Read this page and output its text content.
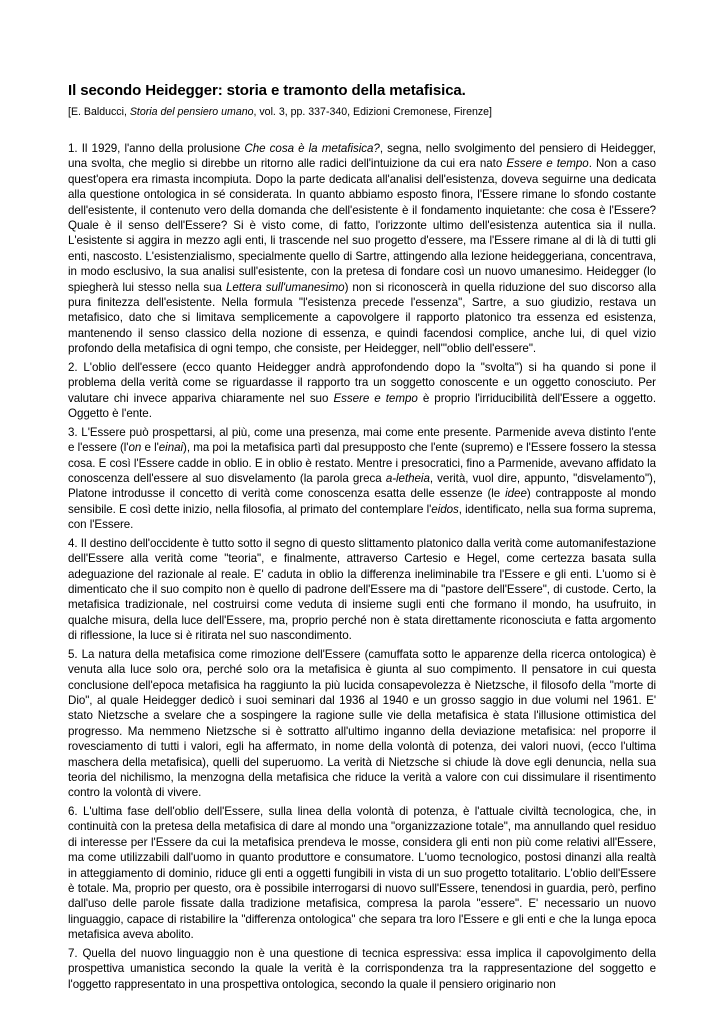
Il secondo Heidegger: storia e tramonto della metafisica.
[E. Balducci, Storia del pensiero umano, vol. 3, pp. 337-340, Edizioni Cremonese, Firenze]

1. Il 1929, l'anno della prolusione Che cosa è la metafisica?, segna, nello svolgimento del pensiero di Heidegger, una svolta, che meglio si direbbe un ritorno alle radici dell'intuizione da cui era nato Essere e tempo. Non a caso quest'opera era rimasta incompiuta. Dopo la parte dedicata all'analisi dell'esistenza, doveva seguirne una dedicata alla questione ontologica in sé considerata. In quanto abbiamo esposto finora, l'Essere rimane lo sfondo costante dell'esistente, il contenuto vero della domanda che dell'esistente è il fondamento inquietante: che cosa è l'Essere? Quale è il senso dell'Essere? Si è visto come, di fatto, l'orizzonte ultimo dell'esistenza autentica sia il nulla. L'esistente si aggira in mezzo agli enti, li trascende nel suo progetto d'essere, ma l'Essere rimane al di là di tutti gli enti, nascosto. L'esistenzialismo, specialmente quello di Sartre, attingendo alla lezione heideggeriana, concentrava, in modo esclusivo, la sua analisi sull'esistente, con la pretesa di fondare così un nuovo umanesimo. Heidegger (lo spiegherà lui stesso nella sua Lettera sull'umanesimo) non si riconoscerà in quella riduzione del suo discorso alla pura finitezza dell'esistente. Nella formula "l'esistenza precede l'essenza", Sartre, a suo giudizio, restava un metafisico, dato che si limitava semplicemente a capovolgere il rapporto platonico tra essenza ed esistenza, mantenendo il senso classico della nozione di essenza, e quindi facendosi complice, anche lui, di quel vizio profondo della metafisica di ogni tempo, che consiste, per Heidegger, nell'"oblio dell'essere".

2. L'oblio dell'essere (ecco quanto Heidegger andrà approfondendo dopo la "svolta") si ha quando si pone il problema della verità come se riguardasse il rapporto tra un soggetto conoscente e un oggetto conosciuto. Per valutare chi invece appariva chiaramente nel suo Essere e tempo è proprio l'irriducibilità dell'Essere a oggetto. Oggetto è l'ente.

3. L'Essere può prospettarsi, al più, come una presenza, mai come ente presente. Parmenide aveva distinto l'ente e l'essere (l'on e l'einai), ma poi la metafisica partì dal presupposto che l'ente (supremo) e l'Essere fossero la stessa cosa. E così l'Essere cadde in oblio. E in oblio è restato. Mentre i presocratici, fino a Parmenide, avevano affidato la conoscenza dell'essere al suo disvelamento (la parola greca a-letheia, verità, vuol dire, appunto, "disvelamento"), Platone introdusse il concetto di verità come conoscenza esatta delle essenze (le idee) contrapposte al mondo sensibile. E così dette inizio, nella filosofia, al primato del contemplare l'eidos, identificato, nella sua forma suprema, con l'Essere.

4. Il destino dell'occidente è tutto sotto il segno di questo slittamento platonico dalla verità come automanifestazione dell'Essere alla verità come "teoria", e finalmente, attraverso Cartesio e Hegel, come certezza basata sulla adeguazione del razionale al reale. E' caduta in oblio la differenza ineliminabile tra l'Essere e gli enti. L'uomo si è dimenticato che il suo compito non è quello di padrone dell'Essere ma di "pastore dell'Essere", di custode. Certo, la metafisica tradizionale, nel costruirsi come veduta di insieme sugli enti che formano il mondo, ha usufruito, in qualche misura, della luce dell'Essere, ma, proprio perché non è stata direttamente riconosciuta e fatta argomento di riflessione, la luce si è ritirata nel suo nascondimento.

5. La natura della metafisica come rimozione dell'Essere (camuffata sotto le apparenze della ricerca ontologica) è venuta alla luce solo ora, perché solo ora la metafisica è giunta al suo compimento. Il pensatore in cui questa conclusione dell'epoca metafisica ha raggiunto la più lucida consapevolezza è Nietzsche, il filosofo della "morte di Dio", al quale Heidegger dedicò i suoi seminari dal 1936 al 1940 e un grosso saggio in due volumi nel 1961. E' stato Nietzsche a svelare che a sospingere la ragione sulle vie della metafisica è stata l'illusione ottimistica del progresso. Ma nemmeno Nietzsche si è sottratto all'ultimo inganno della deviazione metafisica: nel proporre il rovesciamento di tutti i valori, egli ha affermato, in nome della volontà di potenza, dei valori nuovi, (ecco l'ultima maschera della metafisica), quelli del superuomo. La verità di Nietzsche si chiude là dove egli denuncia, nella sua teoria del nichilismo, la menzogna della metafisica che riduce la verità a valore con cui dissimulare il risentimento contro la volontà di vivere.

6. L'ultima fase dell'oblio dell'Essere, sulla linea della volontà di potenza, è l'attuale civiltà tecnologica, che, in continuità con la pretesa della metafisica di dare al mondo una "organizzazione totale", ma annullando quel residuo di interesse per l'Essere da cui la metafisica prendeva le mosse, considera gli enti non più come relativi all'Essere, ma come utilizzabili dall'uomo in quanto produttore e consumatore. L'uomo tecnologico, postosi dinanzi alla realtà in atteggiamento di dominio, riduce gli enti a oggetti fungibili in vista di un suo progetto totalitario. L'oblio dell'Essere è totale. Ma, proprio per questo, ora è possibile interrogarsi di nuovo sull'Essere, tenendosi in guardia, però, perfino dall'uso delle parole fissate dalla tradizione metafisica, compresa la parola "essere". E' necessario un nuovo linguaggio, capace di ristabilire la "differenza ontologica" che separa tra loro l'Essere e gli enti e che la lunga epoca metafisica aveva abolito.

7. Quella del nuovo linguaggio non è una questione di tecnica espressiva: essa implica il capovolgimento della prospettiva umanistica secondo la quale la verità è la corrispondenza tra la rappresentazione del soggetto e l'oggetto rappresentato in una prospettiva ontologica, secondo la quale il pensiero originario non
